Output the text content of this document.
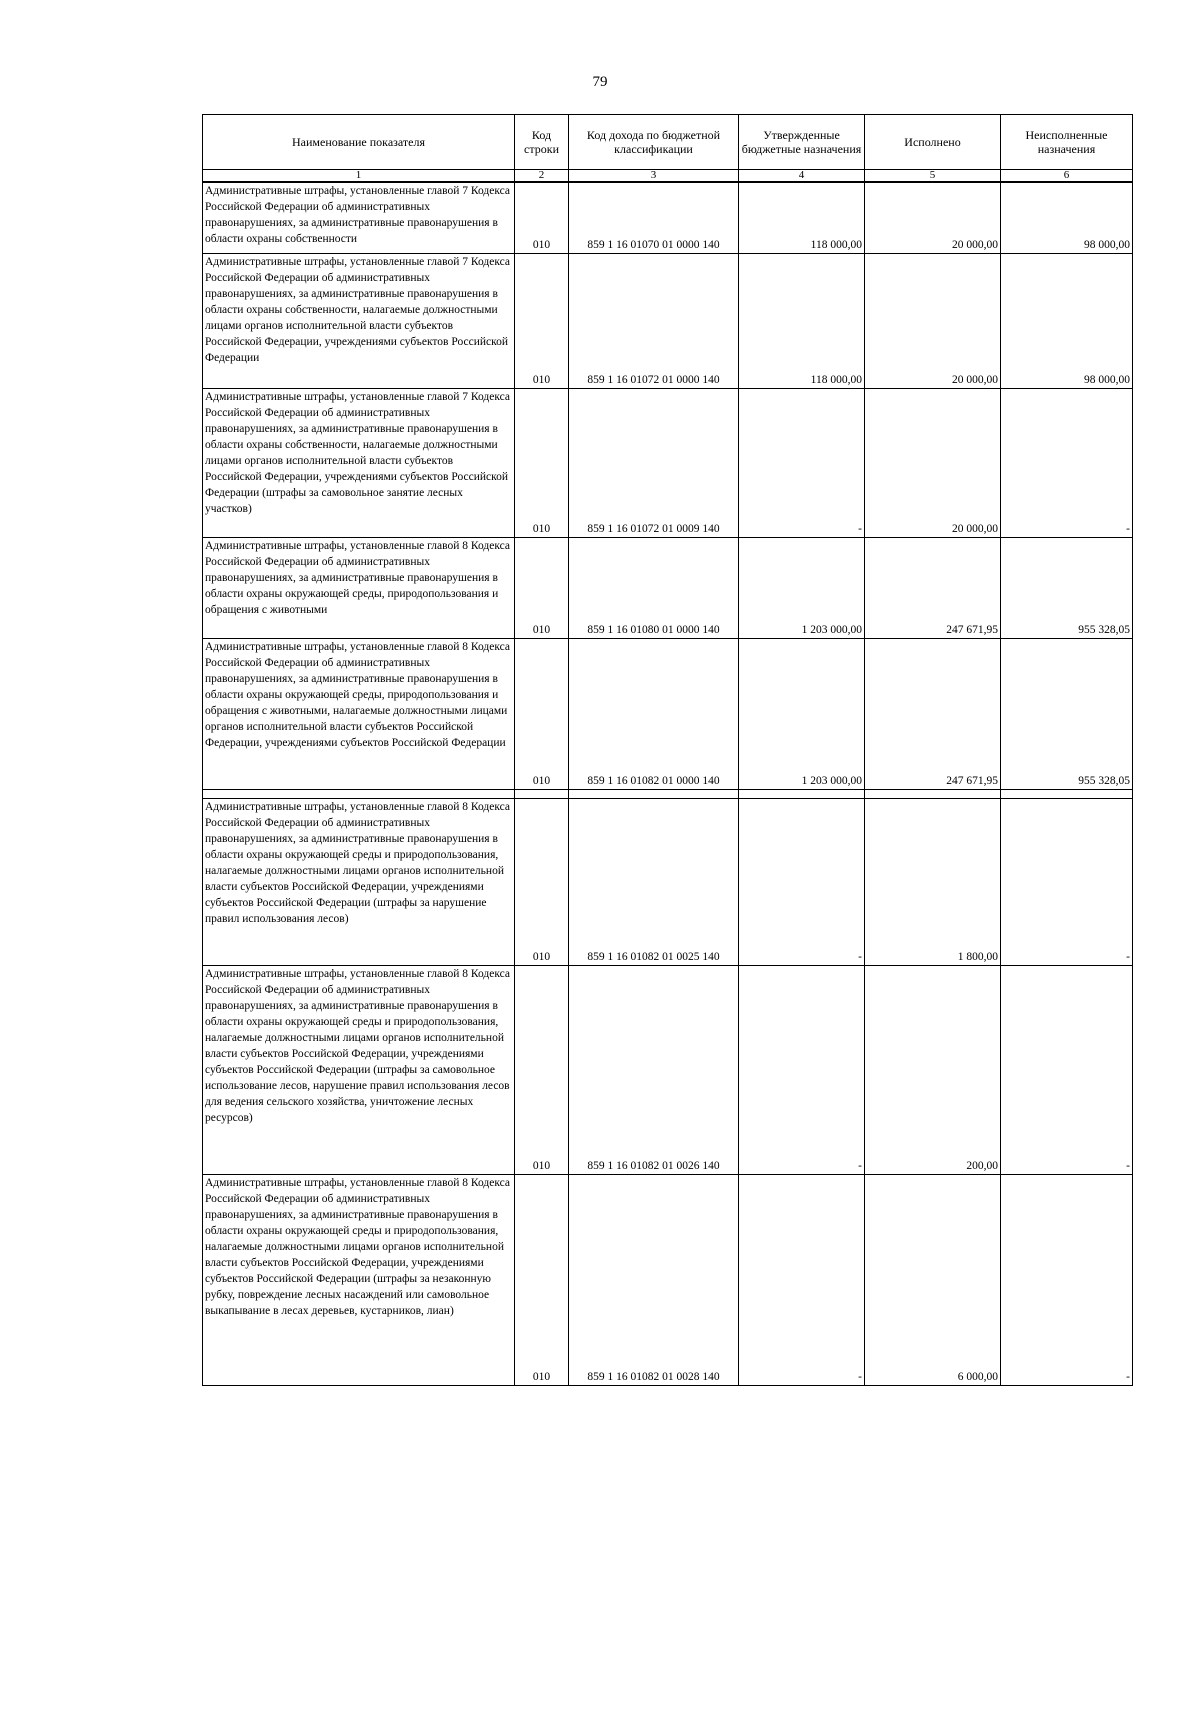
79
Наименование показателя	Код строки	Код дохода по бюджетной классификации	Утвержденные бюджетные назначения	Исполнено	Неисполненные назначения
1	2	3	4	5	6
Административные штрафы, установленные главой 7 Кодекса Российской Федерации об административных правонарушениях, за административные правонарушения в области охраны собственности	010	859 1 16 01070 01 0000 140	118 000,00	20 000,00	98 000,00
Административные штрафы, установленные главой 7 Кодекса Российской Федерации об административных правонарушениях, за административные правонарушения в области охраны собственности, налагаемые должностными лицами органов исполнительной власти субъектов Российской Федерации, учреждениями субъектов Российской Федерации	010	859 1 16 01072 01 0000 140	118 000,00	20 000,00	98 000,00
Административные штрафы, установленные главой 7 Кодекса Российской Федерации об административных правонарушениях, за административные правонарушения в области охраны собственности, налагаемые должностными лицами органов исполнительной власти субъектов Российской Федерации, учреждениями субъектов Российской Федерации (штрафы за самовольное занятие лесных участков)	010	859 1 16 01072 01 0009 140	-	20 000,00	-
Административные штрафы, установленные главой 8 Кодекса Российской Федерации об административных правонарушениях, за административные правонарушения в области охраны окружающей среды, природопользования и обращения с животными	010	859 1 16 01080 01 0000 140	1 203 000,00	247 671,95	955 328,05
Административные штрафы, установленные главой 8 Кодекса Российской Федерации об административных правонарушениях, за административные правонарушения в области охраны окружающей среды, природопользования и обращения с животными, налагаемые должностными лицами органов исполнительной власти субъектов Российской Федерации, учреждениями субъектов Российской Федерации	010	859 1 16 01082 01 0000 140	1 203 000,00	247 671,95	955 328,05

Административные штрафы, установленные главой 8 Кодекса Российской Федерации об административных правонарушениях, за административные правонарушения в области охраны окружающей среды и природопользования, налагаемые должностными лицами органов исполнительной власти субъектов Российской Федерации, учреждениями субъектов Российской Федерации (штрафы за нарушение правил использования лесов)	010	859 1 16 01082 01 0025 140	-	1 800,00	-
Административные штрафы, установленные главой 8 Кодекса Российской Федерации об административных правонарушениях, за административные правонарушения в области охраны окружающей среды и природопользования, налагаемые должностными лицами органов исполнительной власти субъектов Российской Федерации, учреждениями субъектов Российской Федерации (штрафы за самовольное использование лесов, нарушение правил использования лесов для ведения сельского хозяйства, уничтожение лесных ресурсов)	010	859 1 16 01082 01 0026 140	-	200,00	-
Административные штрафы, установленные главой 8 Кодекса Российской Федерации об административных правонарушениях, за административные правонарушения в области охраны окружающей среды и природопользования, налагаемые должностными лицами органов исполнительной власти субъектов Российской Федерации, учреждениями субъектов Российской Федерации (штрафы за незаконную рубку, повреждение лесных насаждений или самовольное выкапывание в лесах деревьев, кустарников, лиан)	010	859 1 16 01082 01 0028 140	-	6 000,00	-
